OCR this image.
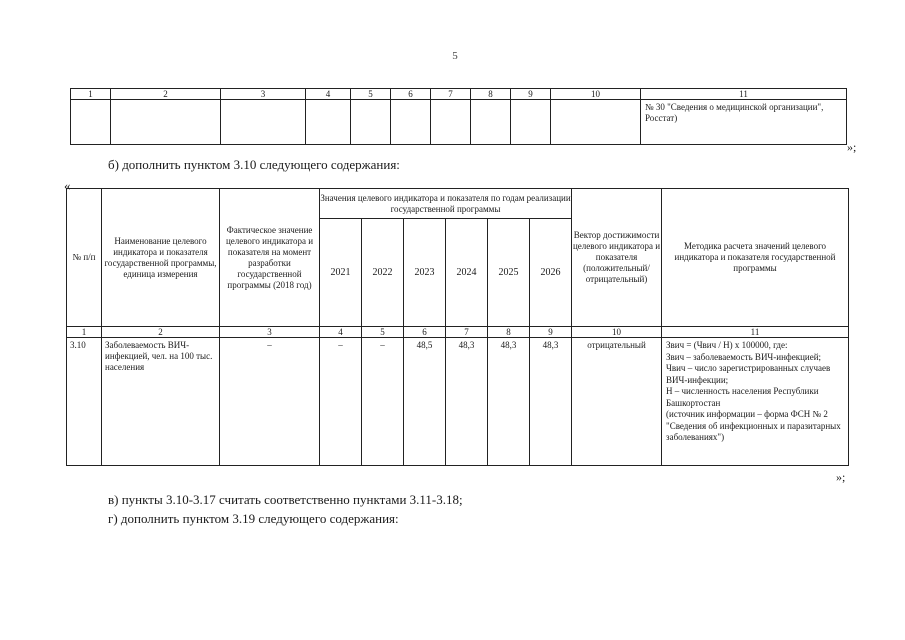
5
1	2	3	4	5	6	7	8	9	10	11
										№ 30 "Сведения о медицинской организации", Росстат)
»;
б) дополнить пунктом 3.10 следующего содержания:
«
№ п/п	Наименование целевого индикатора и показателя государственной программы, единица измерения	Фактическое значение целевого индикатора и показателя на момент разработки государственной программы (2018 год)	Значения целевого индикатора и показателя по годам реализации государственной программы						Вектор достижимости целевого индикатора и показателя (положительный/ отрицательный)	Методика расчета значений целевого индикатора и показателя государственной программы
			2021	2022	2023	2024	2025	2026		
1	2	3	4	5	6	7	8	9	10	11
3.10	Заболеваемость ВИЧ-инфекцией, чел. на 100 тыс. населения	–	–	–	48,5	48,3	48,3	48,3	отрицательный	Звич = (Чвич / Н) х 100000, где:
Звич – заболеваемость ВИЧ-инфекцией;
Чвич – число зарегистрированных случаев ВИЧ-инфекции;
Н – численность населения Республики Башкортостан
(источник информации – форма ФСН № 2 "Сведения об инфекционных и паразитарных заболеваниях")
»;
в) пункты 3.10-3.17 считать соответственно пунктами 3.11-3.18;
г) дополнить пунктом 3.19 следующего содержания:
